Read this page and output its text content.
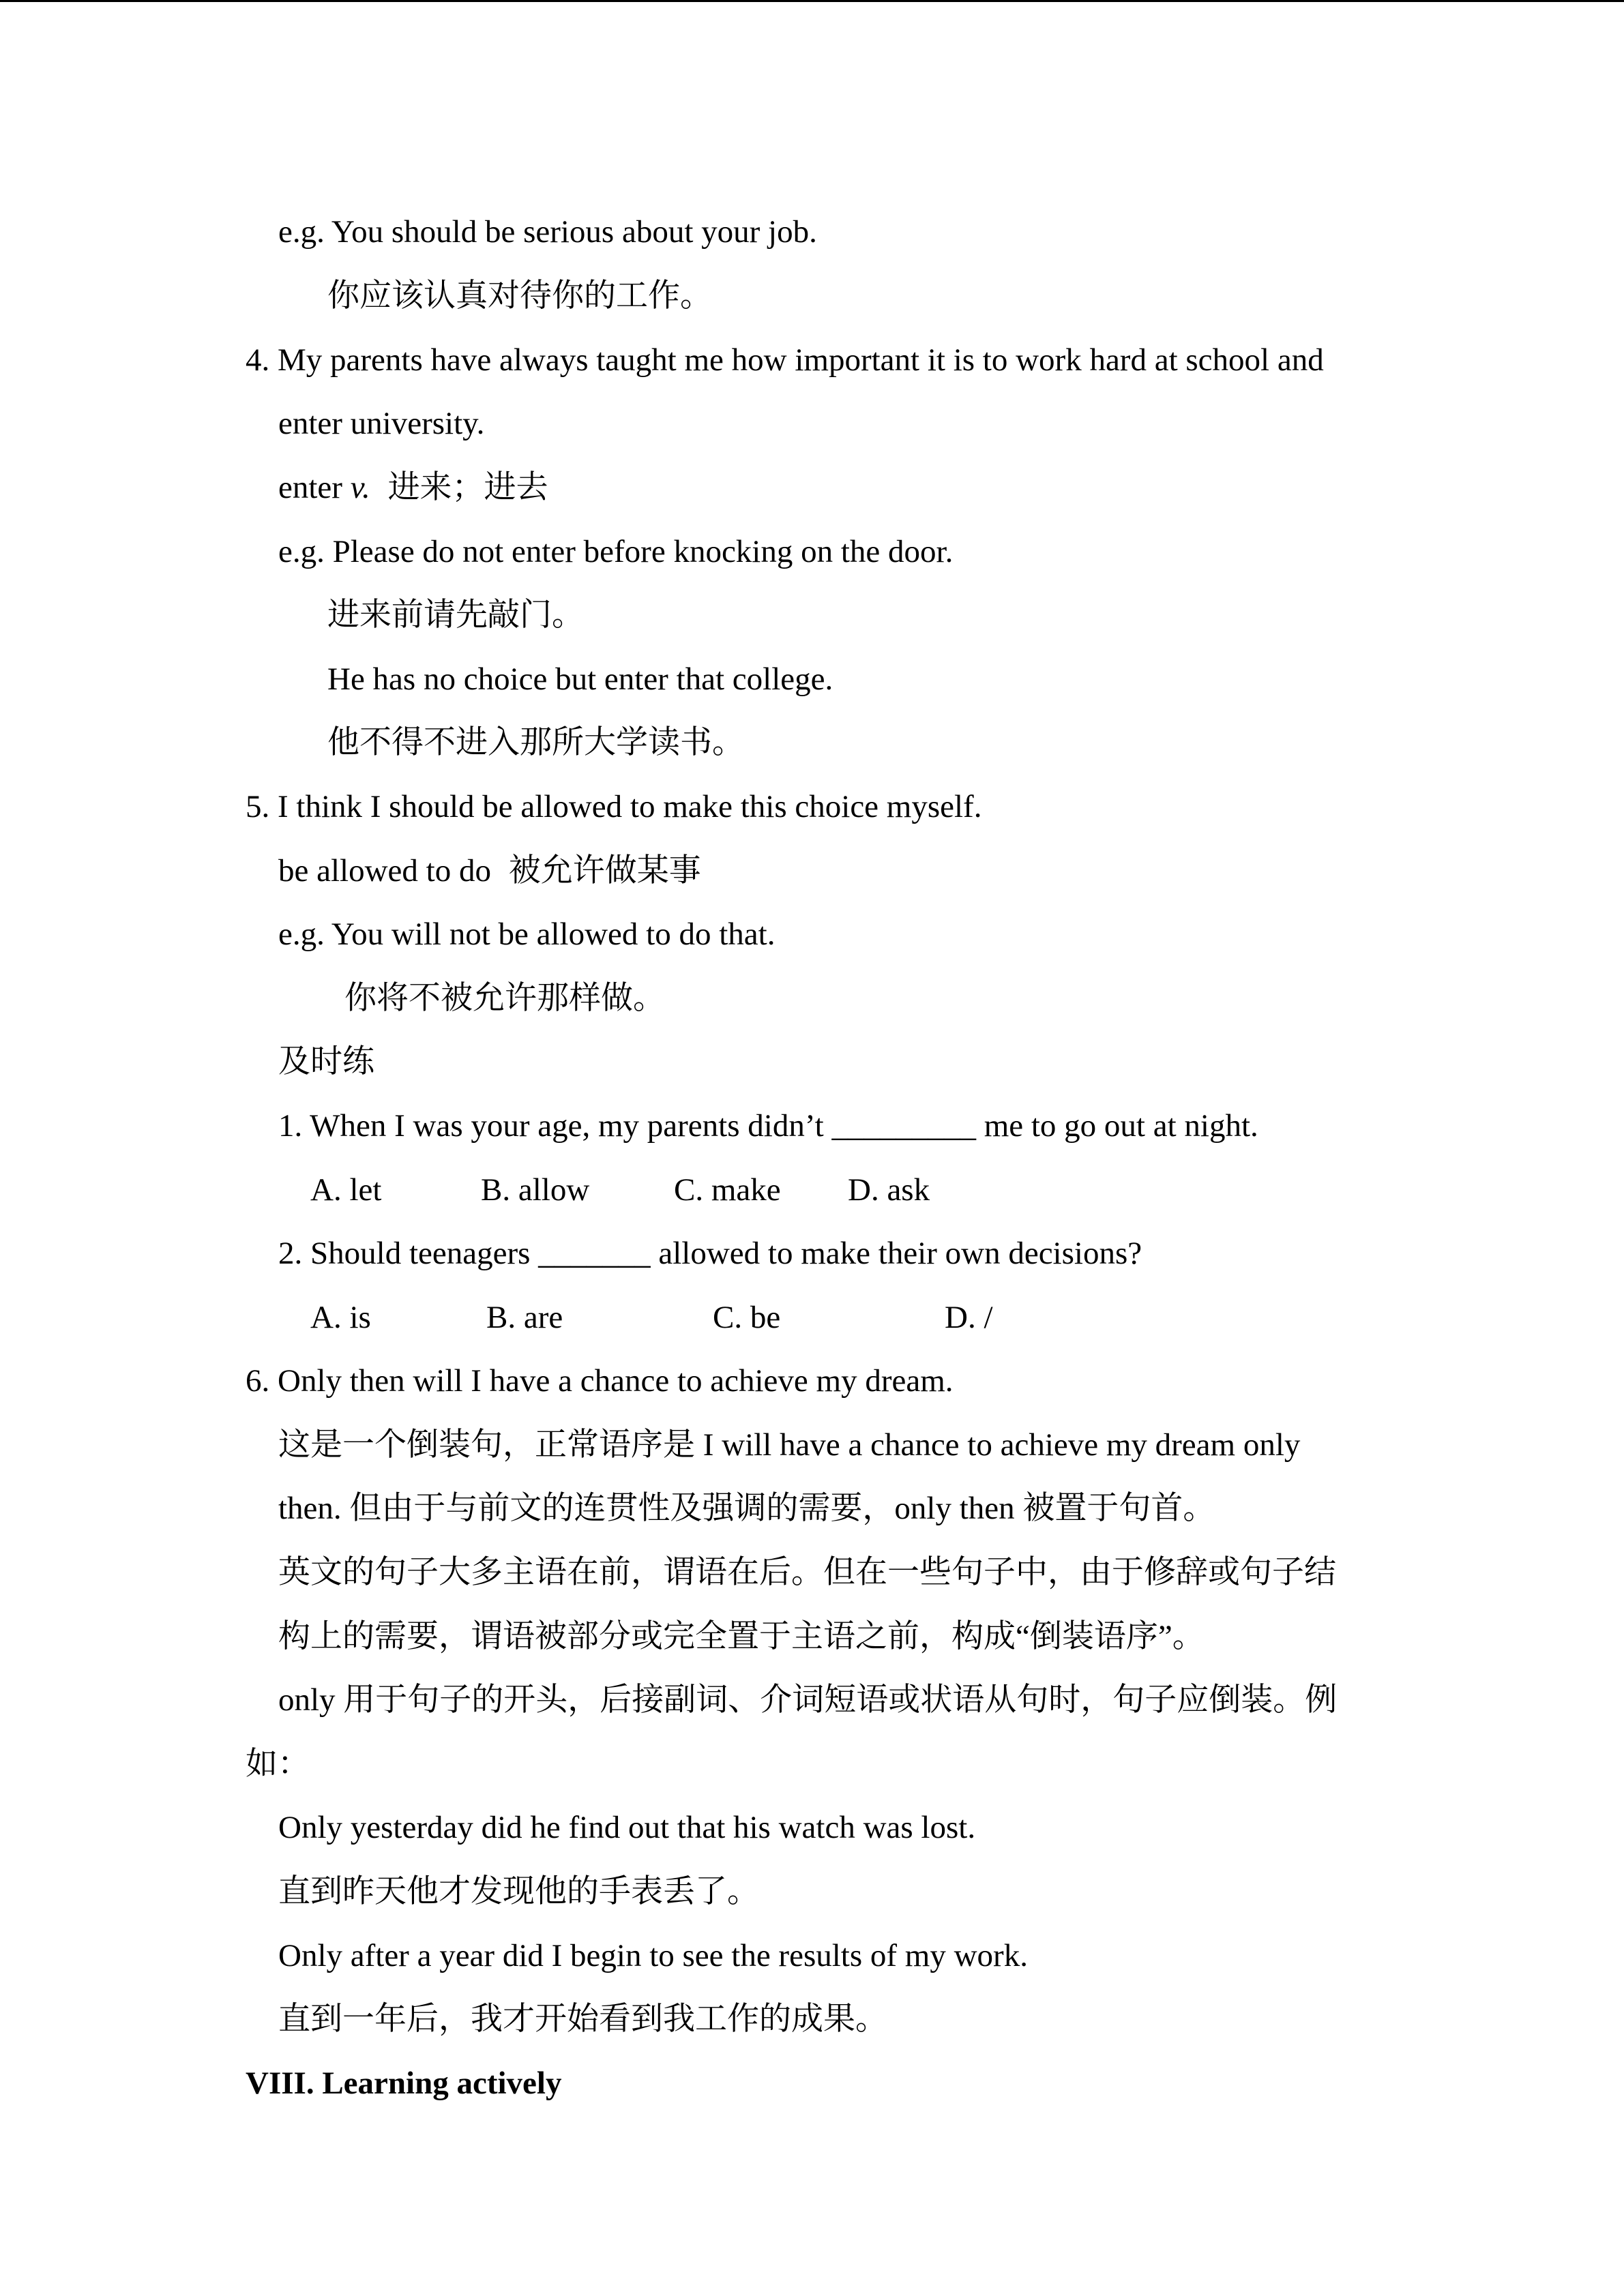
e.g. You should be serious about your job.
你应该认真对待你的工作。
4. My parents have always taught me how important it is to work hard at school and
enter university.
enter v. 进来；进去
e.g. Please do not enter before knocking on the door.
进来前请先敲门。
He has no choice but enter that college.
他不得不进入那所大学读书。
5. I think I should be allowed to make this choice myself.
be allowed to do 被允许做某事
e.g. You will not be allowed to do that.
你将不被允许那样做。
及时练
1. When I was your age, my parents didn’t _________ me to go out at night.
A. let	B. allow	C. make	D. ask
2. Should teenagers _______ allowed to make their own decisions?
A. is	B. are	C. be	D. /
6. Only then will I have a chance to achieve my dream.
这是一个倒装句，正常语序是 I will have a chance to achieve my dream only
then. 但由于与前文的连贯性及强调的需要，only then 被置于句首。
英文的句子大多主语在前，谓语在后。但在一些句子中，由于修辞或句子结
构上的需要，谓语被部分或完全置于主语之前，构成“倒装语序”。
only 用于句子的开头，后接副词、介词短语或状语从句时，句子应倒装。例
如：
Only yesterday did he find out that his watch was lost.
直到昨天他才发现他的手表丢了。
Only after a year did I begin to see the results of my work.
直到一年后，我才开始看到我工作的成果。
VIII. Learning actively
